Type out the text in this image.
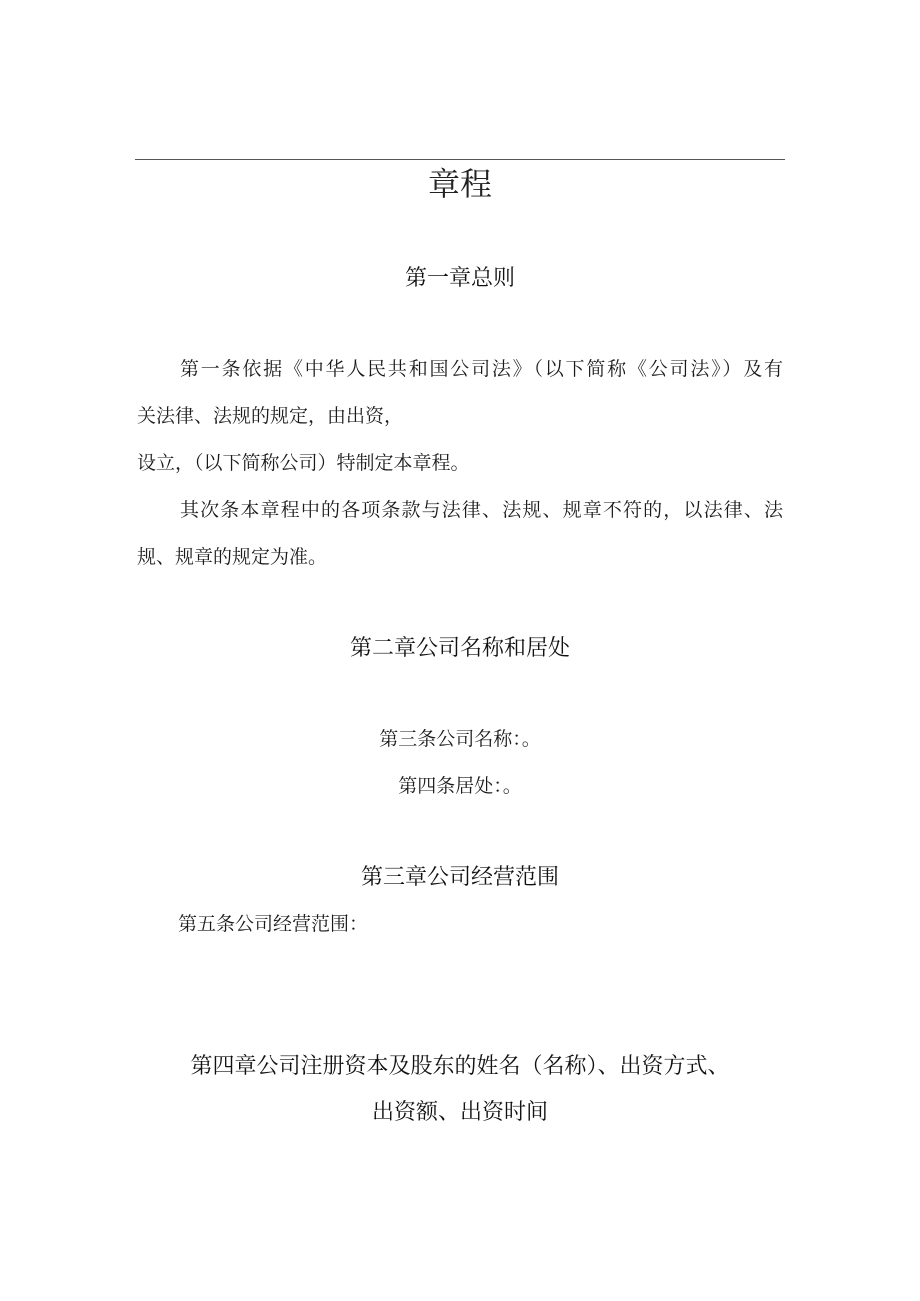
章程
第一章总则
第一条依据《中华人民共和国公司法》（以下简称《公司法》）及有
关法律、法规的规定，由出资，
设立，（以下简称公司）特制定本章程。
其次条本章程中的各项条款与法律、法规、规章不符的，以法律、法
规、规章的规定为准。
第二章公司名称和居处
第三条公司名称：。
第四条居处：。
第三章公司经营范围
第五条公司经营范围：
第四章公司注册资本及股东的姓名（名称）、出资方式、
出资额、出资时间
